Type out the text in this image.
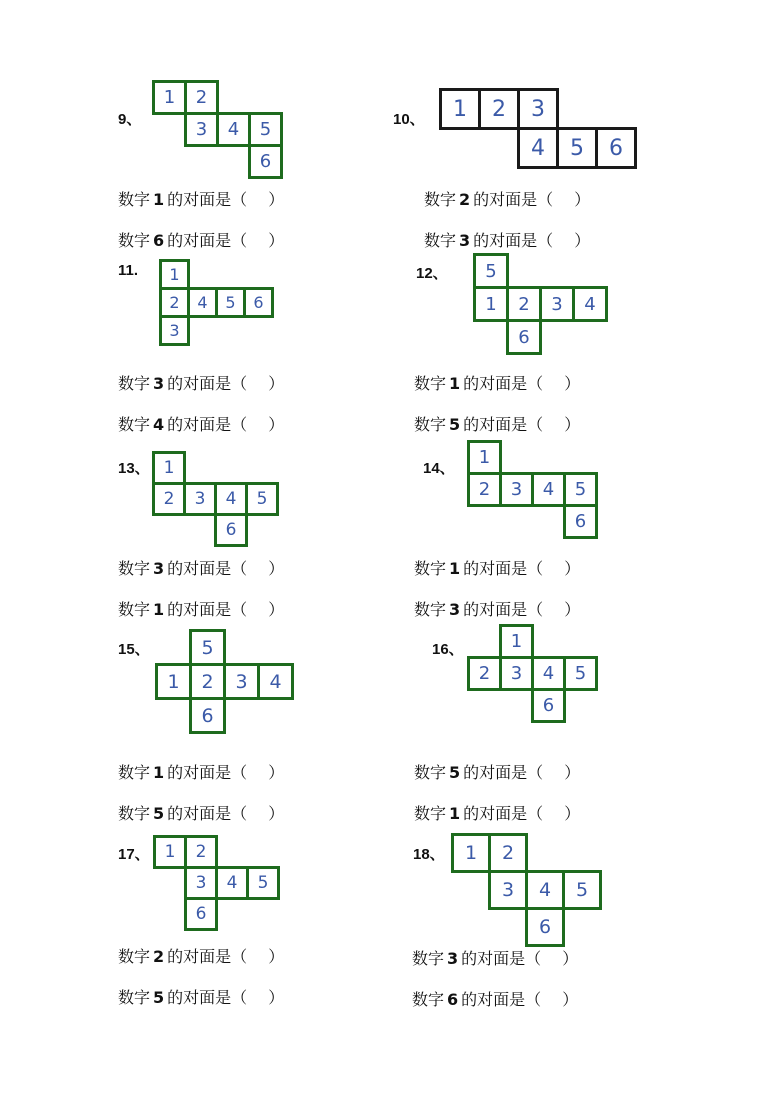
9、
1	2
3	4	5
6
数字 1 的对面是（　 ）
数字 6 的对面是（　 ）
10、	1	2	3
4	5	6
数字 2 的对面是（　 ）
数字 3 的对面是（　 ）
11.	1
2	4	5	6
3
数字 3 的对面是（　 ）
数字 4 的对面是（　 ）
12、	5
1	2	3	4
6
数字 1 的对面是（　 ）
数字 5 的对面是（　 ）
13、 1
2	3	4	5
6
数字 3 的对面是（　 ）
数字 1 的对面是（　 ）
14、
1
2	3	4	5
6
数字 1 的对面是（　 ）
数字 3 的对面是（　 ）
15、	5
1	2	3	4
6
数字 1 的对面是（　 ）
数字 5 的对面是（　 ）
16、	1
2	3	4	5
6
数字 5 的对面是（　 ）
数字 1 的对面是（　 ）
17、 1	2
3	4	5
6
数字 2 的对面是（　 ）
数字 5 的对面是（　 ）
18、	1	2
3	4	5
6
数字 3 的对面是（　 ）
数字 6 的对面是（　 ）
